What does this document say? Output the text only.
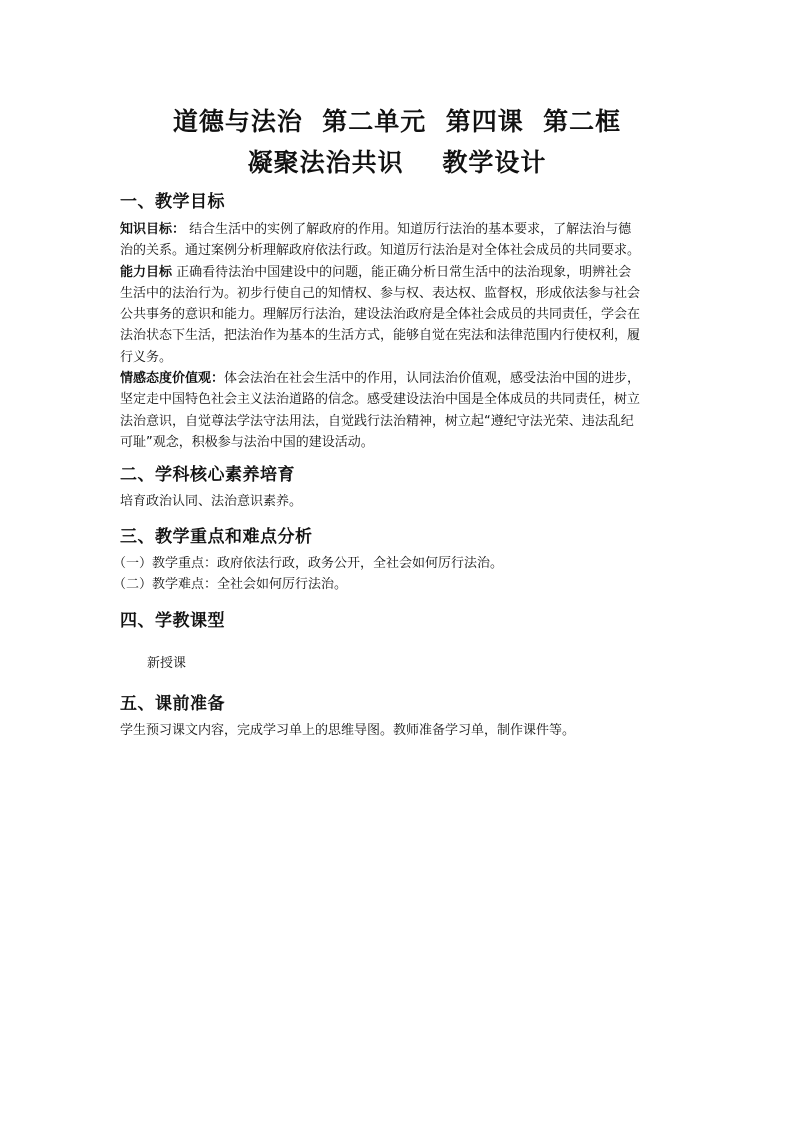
道德与法治  第二单元  第四课  第二框
凝聚法治共识    教学设计
一、教学目标
知识目标： 结合生活中的实例了解政府的作用。知道厉行法治的基本要求，了解法治与德
治的关系。通过案例分析理解政府依法行政。知道厉行法治是对全体社会成员的共同要求。
能力目标 正确看待法治中国建设中的问题，能正确分析日常生活中的法治现象，明辨社会
生活中的法治行为。初步行使自己的知情权、参与权、表达权、监督权，形成依法参与社会
公共事务的意识和能力。理解厉行法治，建设法治政府是全体社会成员的共同责任，学会在
法治状态下生活，把法治作为基本的生活方式，能够自觉在宪法和法律范围内行使权利，履
行义务。
情感态度价值观：体会法治在社会生活中的作用，认同法治价值观，感受法治中国的进步，
坚定走中国特色社会主义法治道路的信念。感受建设法治中国是全体成员的共同责任，树立
法治意识，自觉尊法学法守法用法，自觉践行法治精神，树立起“遵纪守法光荣、违法乱纪
可耻”观念，积极参与法治中国的建设活动。
二、学科核心素养培育
培育政治认同、法治意识素养。
三、教学重点和难点分析
（一）教学重点：政府依法行政，政务公开，全社会如何厉行法治。
（二）教学难点：全社会如何厉行法治。
四、学教课型
新授课
五、课前准备
学生预习课文内容，完成学习单上的思维导图。教师准备学习单，制作课件等。
